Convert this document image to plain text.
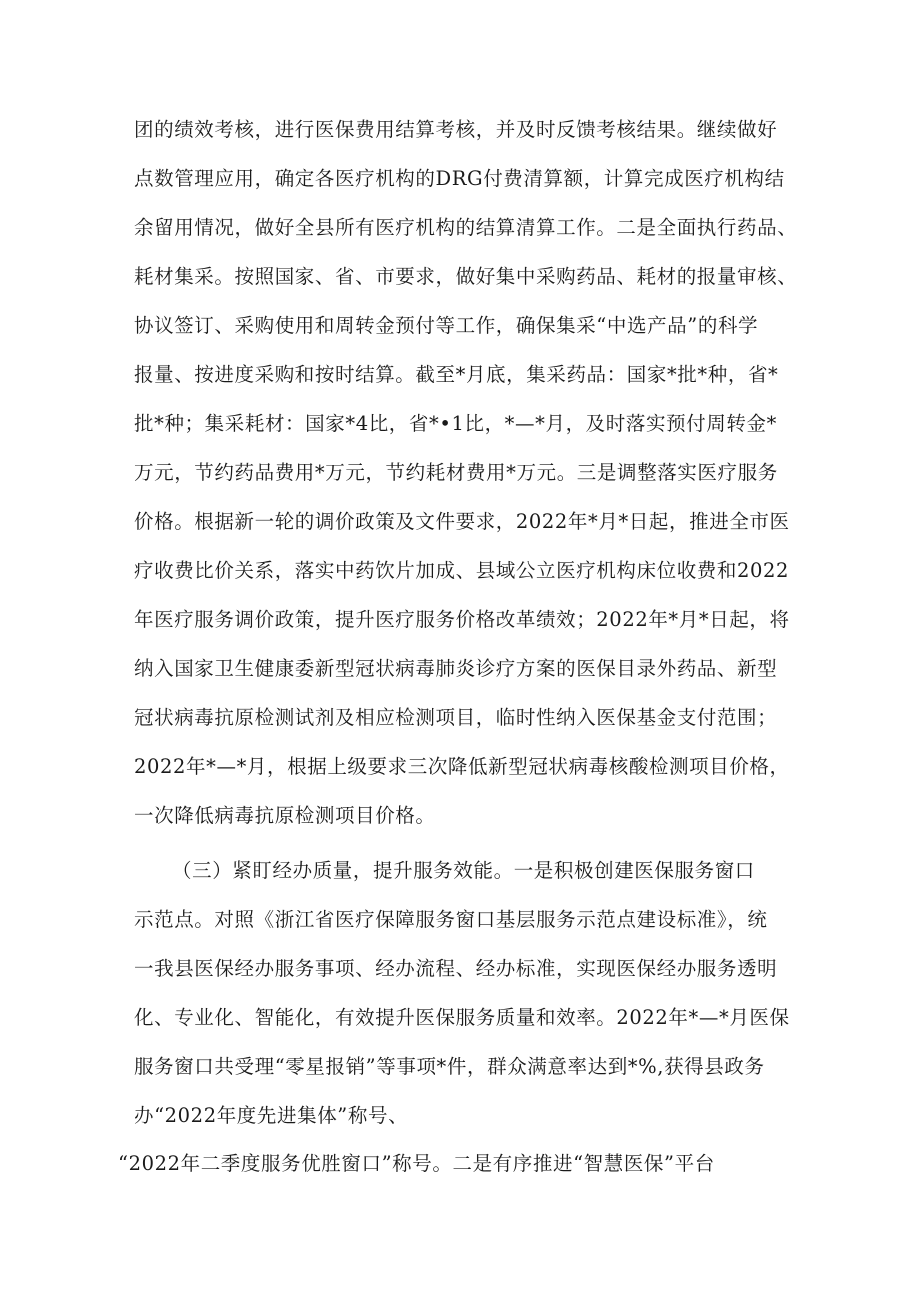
团的绩效考核，进行医保费用结算考核，并及时反馈考核结果。继续做好
点数管理应用，确定各医疗机构的DRG付费清算额，计算完成医疗机构结
余留用情况，做好全县所有医疗机构的结算清算工作。二是全面执行药品、
耗材集采。按照国家、省、市要求，做好集中采购药品、耗材的报量审核、
协议签订、采购使用和周转金预付等工作，确保集采“中选产品”的科学
报量、按进度采购和按时结算。截至*月底，集采药品：国家*批*种，省*
批*种；集采耗材：国家*4比，省*•1比，*—*月，及时落实预付周转金*
万元，节约药品费用*万元，节约耗材费用*万元。三是调整落实医疗服务
价格。根据新一轮的调价政策及文件要求，2022年*月*日起，推进全市医
疗收费比价关系，落实中药饮片加成、县域公立医疗机构床位收费和2022
年医疗服务调价政策，提升医疗服务价格改革绩效；2022年*月*日起，将
纳入国家卫生健康委新型冠状病毒肺炎诊疗方案的医保目录外药品、新型
冠状病毒抗原检测试剂及相应检测项目，临时性纳入医保基金支付范围；
2022年*—*月，根据上级要求三次降低新型冠状病毒核酸检测项目价格，
一次降低病毒抗原检测项目价格。
（三）紧盯经办质量，提升服务效能。一是积极创建医保服务窗口
示范点。对照《浙江省医疗保障服务窗口基层服务示范点建设标准》，统
一我县医保经办服务事项、经办流程、经办标准，实现医保经办服务透明
化、专业化、智能化，有效提升医保服务质量和效率。2022年*—*月医保
服务窗口共受理“零星报销”等事项*件，群众满意率达到*%,获得县政务
办“2022年度先进集体”称号、
“2022年二季度服务优胜窗口”称号。二是有序推进“智慧医保”平台
